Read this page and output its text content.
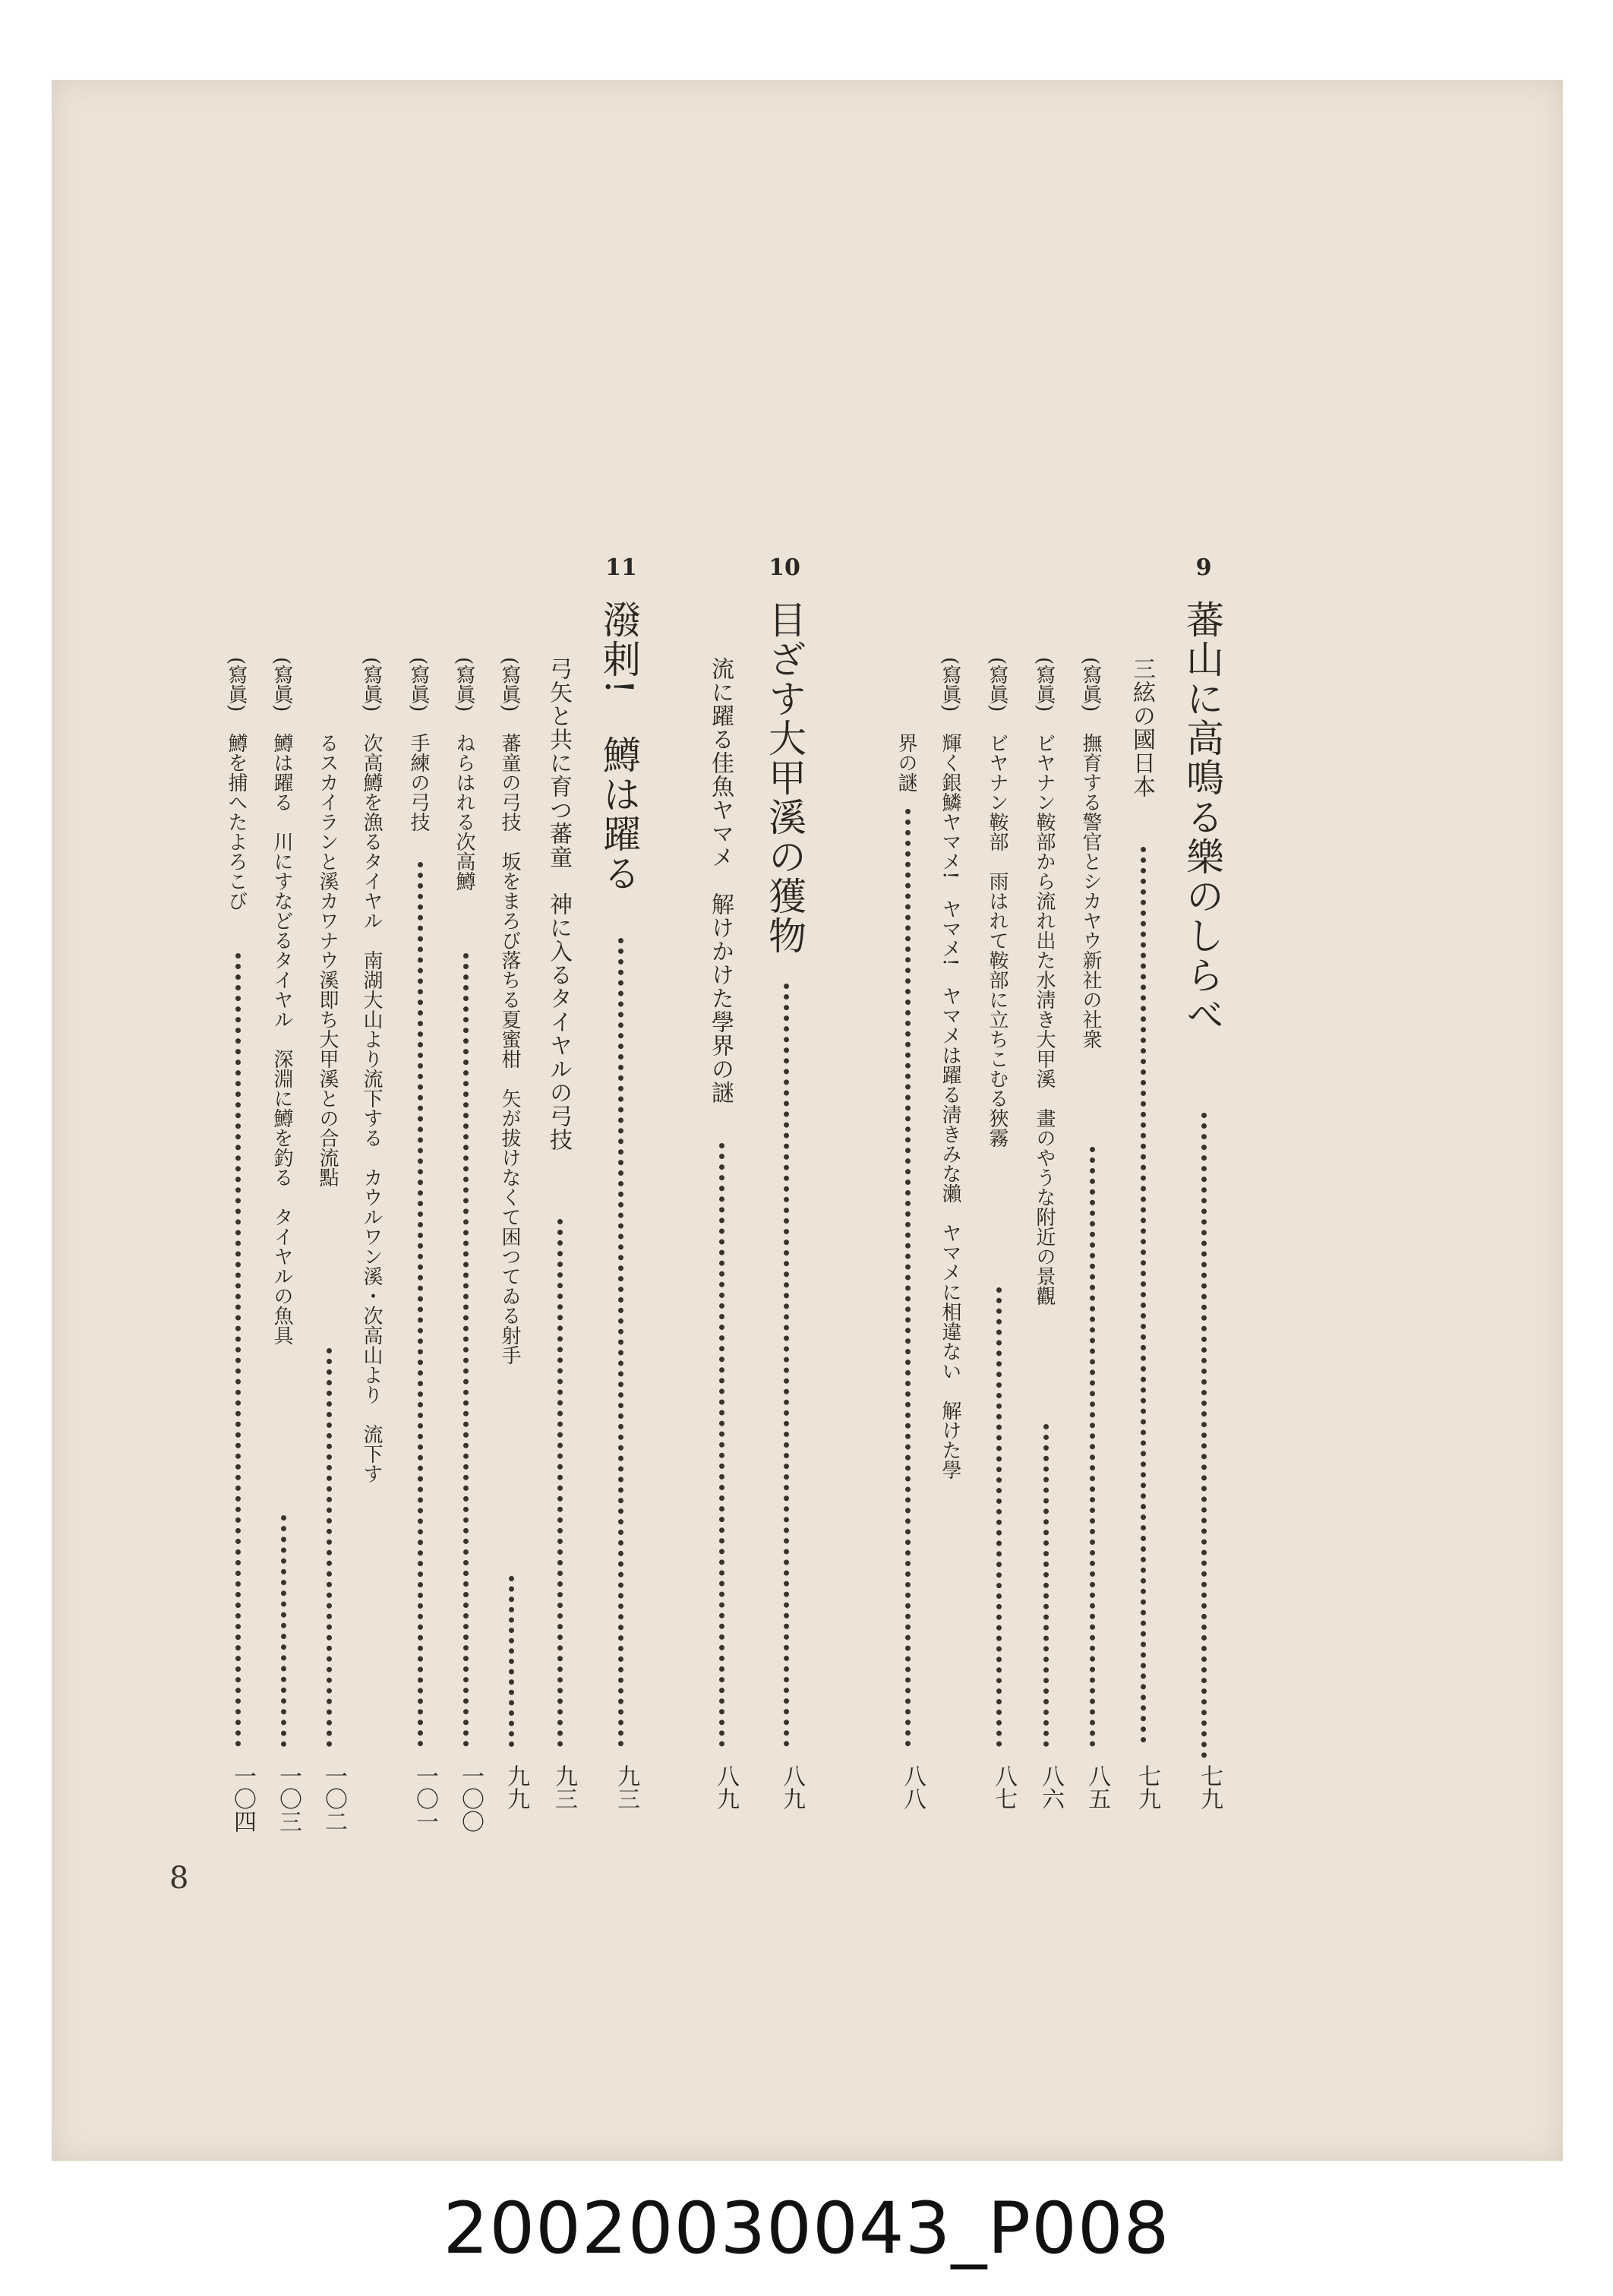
9
蕃山に高鳴る樂のしらべ
七九
三絃の國日本
七九
(寫眞)
撫育する警官とシカヤウ新社の社衆
八五
(寫眞)
ビヤナン鞍部から流れ出た水淸き大甲溪　畫のやうな附近の景觀
八六
(寫眞)
ビヤナン鞍部　雨はれて鞍部に立ちこむる狹霧
八七
(寫眞)
輝く銀鱗ヤマメ!　ヤマメ!　ヤマメは躍る淸きみな瀨　ヤマメに相違ない　解けた學
界の謎
八八
10
目ざす大甲溪の獲物
八九
流に躍る佳魚ヤマメ　解けかけた學界の謎
八九
11
潑剌!　鱒は躍る
九三
弓矢と共に育つ蕃童　神に入るタイヤルの弓技
九三
(寫眞)
蕃童の弓技　坂をまろび落ちる夏蜜柑　矢が拔けなくて困つてゐる射手
九九
(寫眞)
ねらはれる次高鱒
一〇〇
(寫眞)
手練の弓技
一〇一
(寫眞)
次高鱒を漁るタイヤル　南湖大山より流下する　カウルワン溪・次高山より　流下す
るスカイランと溪カワナウ溪即ち大甲溪との合流點
一〇二
(寫眞)
鱒は躍る　川にすなどるタイヤル　深淵に鱒を釣る　タイヤルの魚具
一〇三
(寫眞)
鱒を捕へたよろこび
一〇四
8
20020030043_P008
